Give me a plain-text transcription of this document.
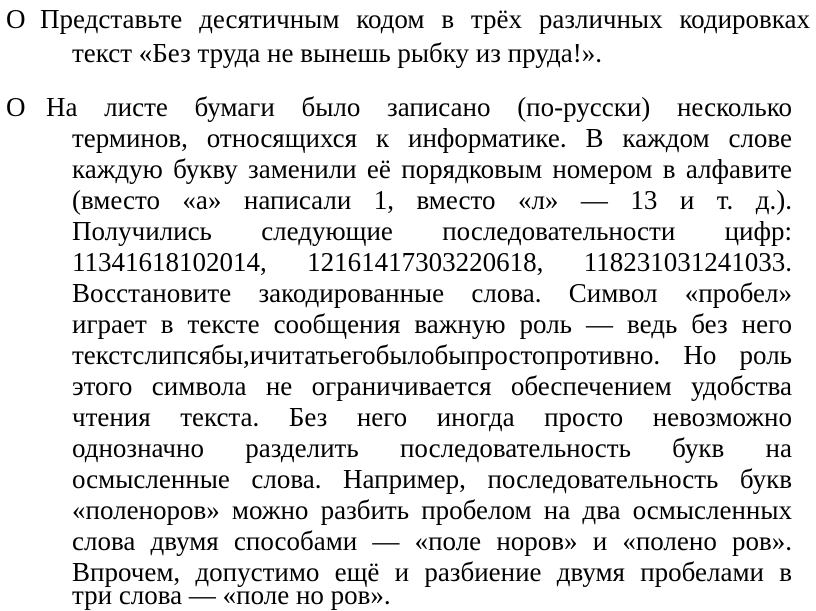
O Представьте десятичным кодом в трёх различных кодировках
текст «Без труда не вынешь рыбку из пруда!».
O На листе бумаги было записано (по-русски) несколько
терминов, относящихся к информатике. В каждом слове
каждую букву заменили её порядковым номером в алфавите
(вместо «а» написали 1, вместо «л» — 13 и т. д.).
Получились следующие последовательности цифр:
11341618102014, 12161417303220618, 118231031241033.
Восстановите закодированные слова. Символ «пробел»
играет в тексте сообщения важную роль — ведь без него
текстслипсябы,ичитатьегобылобыпростопротивно. Но роль
этого символа не ограничивается обеспечением удобства
чтения текста. Без него иногда просто невозможно
однозначно разделить последовательность букв на
осмысленные слова. Например, последовательность букв
«поленоров» можно разбить пробелом на два осмысленных
слова двумя способами — «поле норов» и «полено ров».
Впрочем, допустимо ещё и разбиение двумя пробелами в
три слова — «поле но ров».
